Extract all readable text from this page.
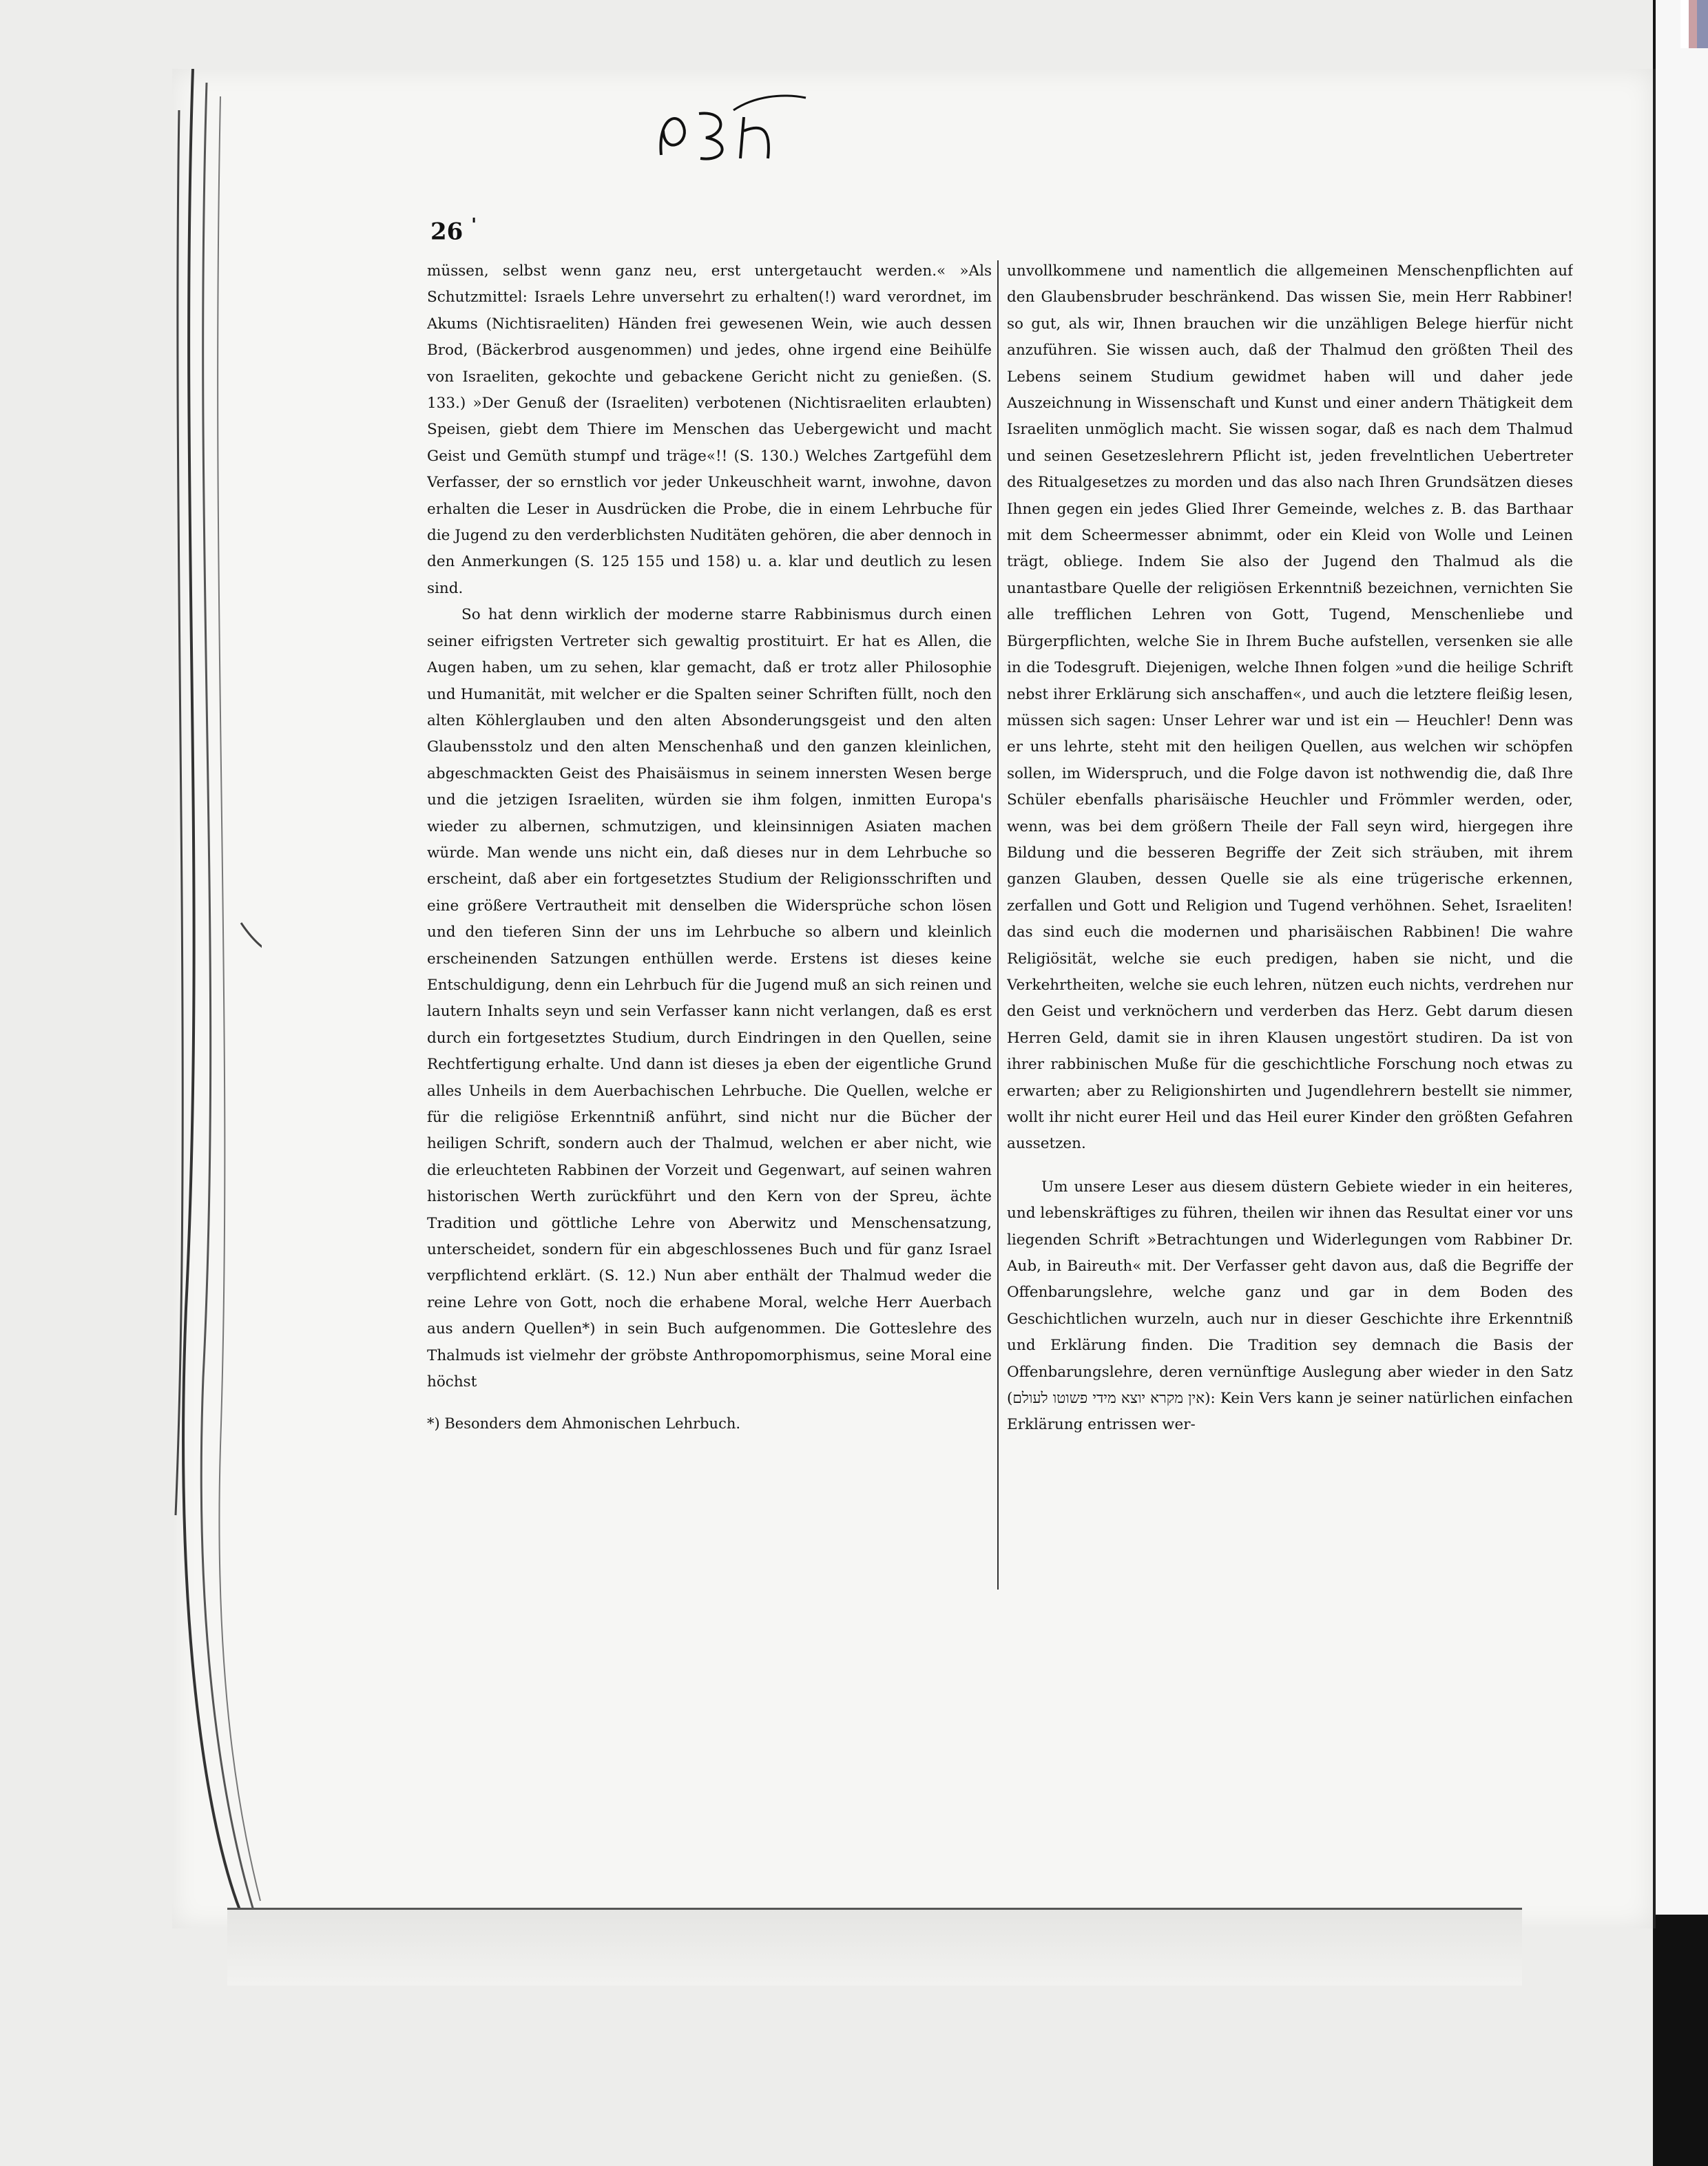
26 '

müssen, selbst wenn ganz neu, erst untergetaucht werden.« »Als Schutzmittel: Israels Lehre unversehrt zu erhalten(!) ward verordnet, im Akums (Nichtisraeliten) Händen frei gewesenen Wein, wie auch dessen Brod, (Bäckerbrod ausgenommen) und jedes, ohne irgend eine Beihülfe von Israeliten, gekochte und gebackene Gericht nicht zu genießen. (S. 133.) »Der Genuß der (Israeliten) verbotenen (Nichtisraeliten erlaubten) Speisen, giebt dem Thiere im Menschen das Uebergewicht und macht Geist und Gemüth stumpf und träge«!! (S. 130.) Welches Zartgefühl dem Verfasser, der so ernstlich vor jeder Unkeuschheit warnt, inwohne, davon erhalten die Leser in Ausdrücken die Probe, die in einem Lehrbuche für die Jugend zu den verderblichsten Nuditäten gehören, die aber dennoch in den Anmerkungen (S. 125 155 und 158) u. a. klar und deutlich zu lesen sind.

So hat denn wirklich der moderne starre Rabbinismus durch einen seiner eifrigsten Vertreter sich gewaltig prostituirt. Er hat es Allen, die Augen haben, um zu sehen, klar gemacht, daß er trotz aller Philosophie und Humanität, mit welcher er die Spalten seiner Schriften füllt, noch den alten Köhlerglauben und den alten Absonderungsgeist und den alten Glaubensstolz und den alten Menschenhaß und den ganzen kleinlichen, abgeschmackten Geist des Phaisäismus in seinem innersten Wesen berge und die jetzigen Israeliten, würden sie ihm folgen, inmitten Europa's wieder zu albernen, schmutzigen, und kleinsinnigen Asiaten machen würde. Man wende uns nicht ein, daß dieses nur in dem Lehrbuche so erscheint, daß aber ein fortgesetztes Studium der Religionsschriften und eine größere Vertrautheit mit denselben die Widersprüche schon lösen und den tieferen Sinn der uns im Lehrbuche so albern und kleinlich erscheinenden Satzungen enthüllen werde. Erstens ist dieses keine Entschuldigung, denn ein Lehrbuch für die Jugend muß an sich reinen und lautern Inhalts seyn und sein Verfasser kann nicht verlangen, daß es erst durch ein fortgesetztes Studium, durch Eindringen in den Quellen, seine Rechtfertigung erhalte. Und dann ist dieses ja eben der eigentliche Grund alles Unheils in dem Auerbachischen Lehrbuche. Die Quellen, welche er für die religiöse Erkenntniß anführt, sind nicht nur die Bücher der heiligen Schrift, sondern auch der Thalmud, welchen er aber nicht, wie die erleuchteten Rabbinen der Vorzeit und Gegenwart, auf seinen wahren historischen Werth zurückführt und den Kern von der Spreu, ächte Tradition und göttliche Lehre von Aberwitz und Menschensatzung, unterscheidet, sondern für ein abgeschlossenes Buch und für ganz Israel verpflichtend erklärt. (S. 12.) Nun aber enthält der Thalmud weder die reine Lehre von Gott, noch die erhabene Moral, welche Herr Auerbach aus andern Quellen*) in sein Buch aufgenommen. Die Gotteslehre des Thalmuds ist vielmehr der gröbste Anthropomorphismus, seine Moral eine höchst

*) Besonders dem Ahmonischen Lehrbuch.

unvollkommene und namentlich die allgemeinen Menschenpflichten auf den Glaubensbruder beschränkend. Das wissen Sie, mein Herr Rabbiner! so gut, als wir, Ihnen brauchen wir die unzähligen Belege hierfür nicht anzuführen. Sie wissen auch, daß der Thalmud den größten Theil des Lebens seinem Studium gewidmet haben will und daher jede Auszeichnung in Wissenschaft und Kunst und einer andern Thätigkeit dem Israeliten unmöglich macht. Sie wissen sogar, daß es nach dem Thalmud und seinen Gesetzeslehrern Pflicht ist, jeden frevelntlichen Uebertreter des Ritualgesetzes zu morden und das also nach Ihren Grundsätzen dieses Ihnen gegen ein jedes Glied Ihrer Gemeinde, welches z. B. das Barthaar mit dem Scheermesser abnimmt, oder ein Kleid von Wolle und Leinen trägt, obliege. Indem Sie also der Jugend den Thalmud als die unantastbare Quelle der religiösen Erkenntniß bezeichnen, vernichten Sie alle trefflichen Lehren von Gott, Tugend, Menschenliebe und Bürgerpflichten, welche Sie in Ihrem Buche aufstellen, versenken sie alle in die Todesgruft. Diejenigen, welche Ihnen folgen »und die heilige Schrift nebst ihrer Erklärung sich anschaffen«, und auch die letztere fleißig lesen, müssen sich sagen: Unser Lehrer war und ist ein — Heuchler! Denn was er uns lehrte, steht mit den heiligen Quellen, aus welchen wir schöpfen sollen, im Widerspruch, und die Folge davon ist nothwendig die, daß Ihre Schüler ebenfalls pharisäische Heuchler und Frömmler werden, oder, wenn, was bei dem größern Theile der Fall seyn wird, hiergegen ihre Bildung und die besseren Begriffe der Zeit sich sträuben, mit ihrem ganzen Glauben, dessen Quelle sie als eine trügerische erkennen, zerfallen und Gott und Religion und Tugend verhöhnen. Sehet, Israeliten! das sind euch die modernen und pharisäischen Rabbinen! Die wahre Religiösität, welche sie euch predigen, haben sie nicht, und die Verkehrtheiten, welche sie euch lehren, nützen euch nichts, verdrehen nur den Geist und verknöchern und verderben das Herz. Gebt darum diesen Herren Geld, damit sie in ihren Klausen ungestört studiren. Da ist von ihrer rabbinischen Muße für die geschichtliche Forschung noch etwas zu erwarten; aber zu Religionshirten und Jugendlehrern bestellt sie nimmer, wollt ihr nicht eurer Heil und das Heil eurer Kinder den größten Gefahren aussetzen.

Um unsere Leser aus diesem düstern Gebiete wieder in ein heiteres, und lebenskräftiges zu führen, theilen wir ihnen das Resultat einer vor uns liegenden Schrift »Betrachtungen und Widerlegungen vom Rabbiner Dr. Aub, in Baireuth« mit. Der Verfasser geht davon aus, daß die Begriffe der Offenbarungslehre, welche ganz und gar in dem Boden des Geschichtlichen wurzeln, auch nur in dieser Geschichte ihre Erkenntniß und Erklärung finden. Die Tradition sey demnach die Basis der Offenbarungslehre, deren vernünftige Auslegung aber wieder in den Satz (אין מקרא יוצא מידי פשוטו לעולם): Kein Vers kann je seiner natürlichen einfachen Erklärung entrissen wer-
